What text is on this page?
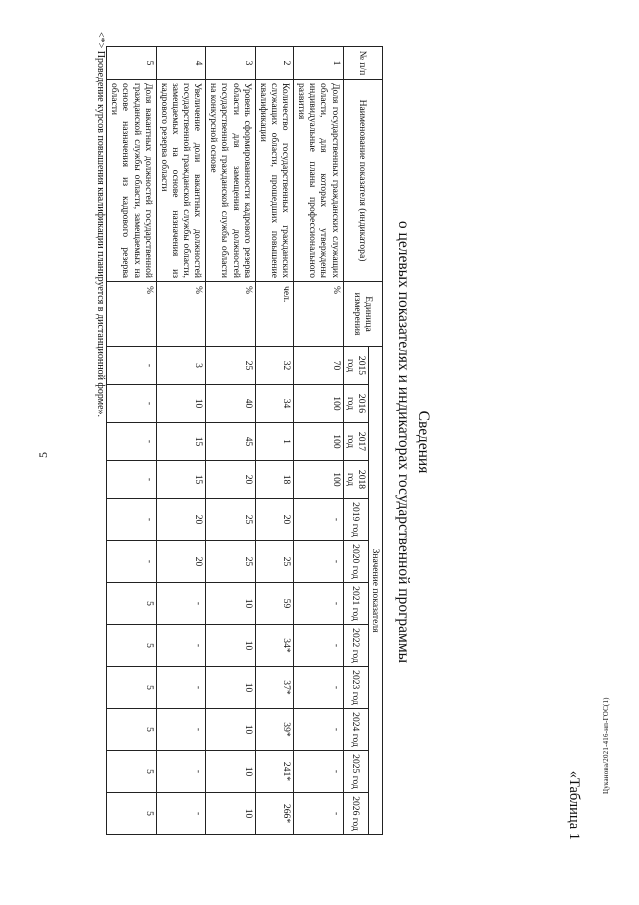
5
Цуканова/2021-416-нп-ГОС(1)
«Таблица 1
Сведения
о целевых показателях и индикаторах государственной программы
№ п/п	Наименование показателя (индикатора)	Единица измерения	Значение показателя											
			2015 год	2016 год	2017 год	2018 год	2019 год	2020 год	2021 год	2022 год	2023 год	2024 год	2025 год	2026 год
1	Доля государственных гражданских служащих области, для которых утверждены индивидуальные планы профессионального развития	%	70	100	100	100	-	-	-	-	-	-	-	-
2	Количество государственных гражданских служащих области, прошедших повышение квалификации	чел.	32	34	1	18	20	25	59	34*	37*	39*	241*	266*
3	Уровень сформированности кадрового резерва области для замещения должностей государственной гражданской службы области на конкурсной основе	%	25	40	45	20	25	25	10	10	10	10	10	10
4	Увеличение доли вакантных должностей государственной гражданской службы области, замещаемых на основе назначения из кадрового резерва области	%	3	10	15	15	20	20	-	-	-	-	-	-
5	Доля вакантных должностей государственной гражданской службы области, замещаемых на основе назначения из кадрового резерва области	%	-	-	-	-	-	-	5	5	5	5	5	5
<*> Проведение курсов повышения квалификации планируется в дистанционной форме».
